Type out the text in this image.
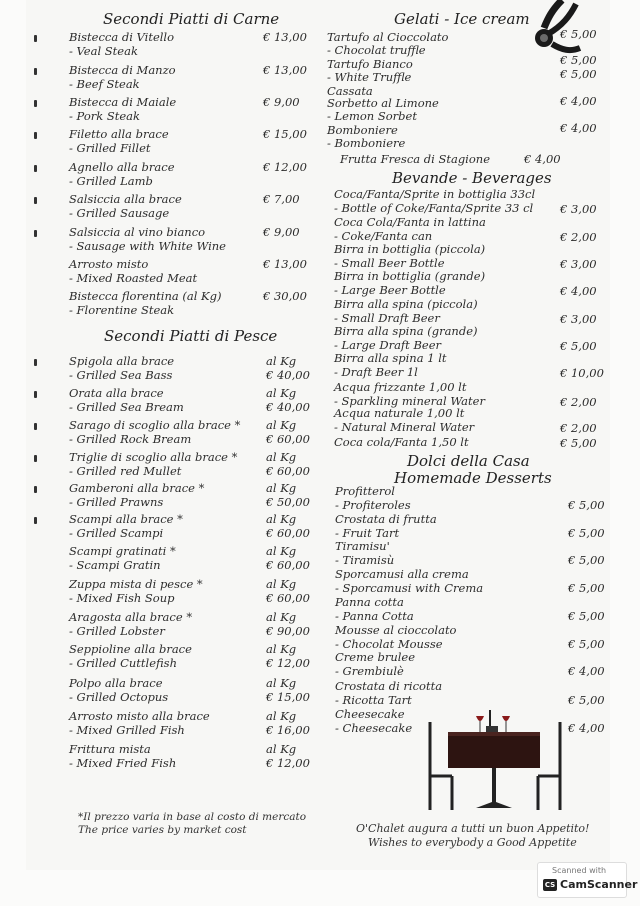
Secondi Piatti di Carne
Bistecca di Vitello
- Veal Steak
€ 13,00
Bistecca di Manzo
- Beef Steak
€ 13,00
Bistecca di Maiale
- Pork Steak
€ 9,00
Filetto alla brace
- Grilled Fillet
€ 15,00
Agnello alla brace
- Grilled Lamb
€ 12,00
Salsiccia alla brace
- Grilled Sausage
€ 7,00
Salsiccia al vino bianco
- Sausage with White Wine
€ 9,00
Arrosto misto
- Mixed Roasted Meat
€ 13,00
Bistecca florentina (al Kg)
- Florentine Steak
€ 30,00
Secondi Piatti di Pesce
Spigola alla brace
- Grilled Sea Bass
al Kg
€ 40,00
Orata alla brace
- Grilled Sea Bream
al Kg
€ 40,00
Sarago di scoglio alla brace *
- Grilled Rock Bream
al Kg
€ 60,00
Triglie di scoglio alla brace *
- Grilled red Mullet
al Kg
€ 60,00
Gamberoni alla brace *
- Grilled Prawns
al Kg
€ 50,00
Scampi alla brace *
- Grilled Scampi
al Kg
€ 60,00
Scampi gratinati *
- Scampi Gratin
al Kg
€ 60,00
Zuppa mista di pesce *
- Mixed Fish Soup
al Kg
€ 60,00
Aragosta alla brace *
- Grilled Lobster
al Kg
€ 90,00
Seppioline alla brace
- Grilled Cuttlefish
al Kg
€ 12,00
Polpo alla brace
- Grilled Octopus
al Kg
€ 15,00
Arrosto misto alla brace
- Mixed Grilled Fish
al Kg
€ 16,00
Frittura mista
- Mixed Fried Fish
al Kg
€ 12,00
*Il prezzo varia in base al costo di mercato
The price varies by market cost
Gelati - Ice cream
Tartufo al Cioccolato
- Chocolat truffle
€ 5,00
Tartufo Bianco
- White Truffle
€ 5,00
Cassata
€ 5,00
Sorbetto al Limone
- Lemon Sorbet
€ 4,00
Bomboniere
- Bomboniere
€ 4,00
Frutta Fresca di Stagione	€ 4,00
Bevande - Beverages
Coca/Fanta/Sprite in bottiglia 33cl
- Bottle of Coke/Fanta/Sprite 33 cl € 3,00
Coca Cola/Fanta in lattina
- Coke/Fanta can	€ 2,00
Birra in bottiglia (piccola)
- Small Beer Bottle	€ 3,00
Birra in bottiglia (grande)
- Large Beer Bottle	€ 4,00
Birra alla spina (piccola)
- Small Draft Beer	€ 3,00
Birra alla spina (grande)
- Large Draft Beer	€ 5,00
Birra alla spina 1 lt
- Draft Beer 1l	€ 10,00
Acqua frizzante 1,00 lt
- Sparkling mineral Water	€ 2,00
Acqua naturale 1,00 lt
- Natural Mineral Water	€ 2,00
Coca cola/Fanta 1,50 lt	€ 5,00
Dolci della Casa
Homemade Desserts
Profitterol
- Profiteroles	€ 5,00
Crostata di frutta
- Fruit Tart	€ 5,00
Tiramisu'
- Tiramisù	€ 5,00
Sporcamusi alla crema
- Sporcamusi with Crema	€ 5,00
Panna cotta
- Panna Cotta	€ 5,00
Mousse al cioccolato
- Chocolat Mousse	€ 5,00
Creme brulee
- Grembiulè	€ 4,00
Crostata di ricotta
- Ricotta Tart	€ 5,00
Cheesecake
- Cheesecake	€ 4,00
O'Chalet augura a tutti un buon Appetito!
Wishes to everybody a Good Appetite
Scanned with
CS CamScanner
